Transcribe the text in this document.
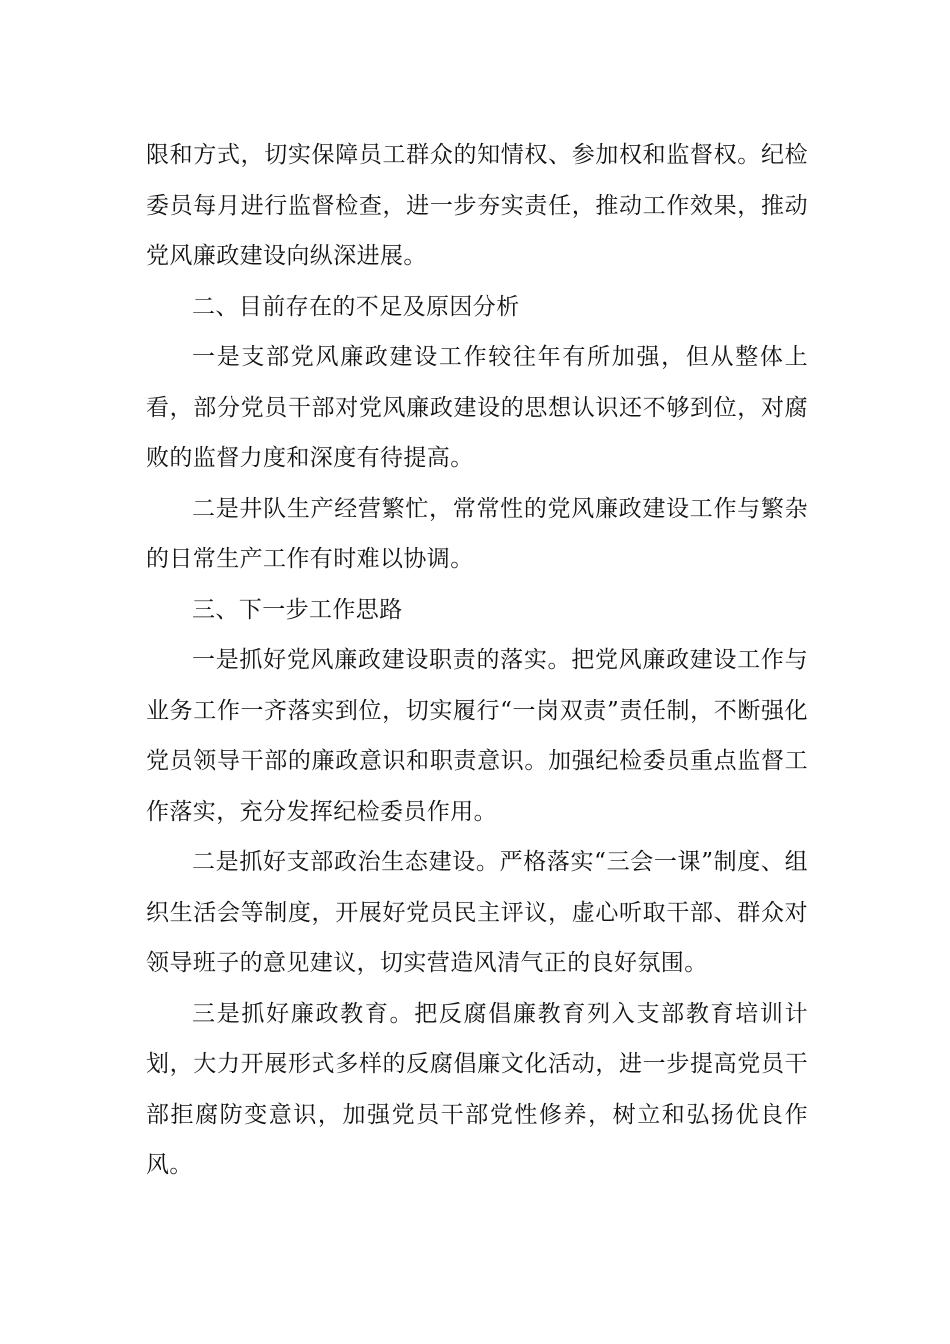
限和方式，切实保障员工群众的知情权、参加权和监督权。纪检委员每月进行监督检查，进一步夯实责任，推动工作效果，推动党风廉政建设向纵深进展。

二、目前存在的不足及原因分析

一是支部党风廉政建设工作较往年有所加强，但从整体上看，部分党员干部对党风廉政建设的思想认识还不够到位，对腐败的监督力度和深度有待提高。

二是井队生产经营繁忙，常常性的党风廉政建设工作与繁杂的日常生产工作有时难以协调。

三、下一步工作思路

一是抓好党风廉政建设职责的落实。把党风廉政建设工作与业务工作一齐落实到位，切实履行“一岗双责”责任制，不断强化党员领导干部的廉政意识和职责意识。加强纪检委员重点监督工作落实，充分发挥纪检委员作用。

二是抓好支部政治生态建设。严格落实“三会一课”制度、组织生活会等制度，开展好党员民主评议，虚心听取干部、群众对领导班子的意见建议，切实营造风清气正的良好氛围。

三是抓好廉政教育。把反腐倡廉教育列入支部教育培训计划，大力开展形式多样的反腐倡廉文化活动，进一步提高党员干部拒腐防变意识，加强党员干部党性修养，树立和弘扬优良作风。
